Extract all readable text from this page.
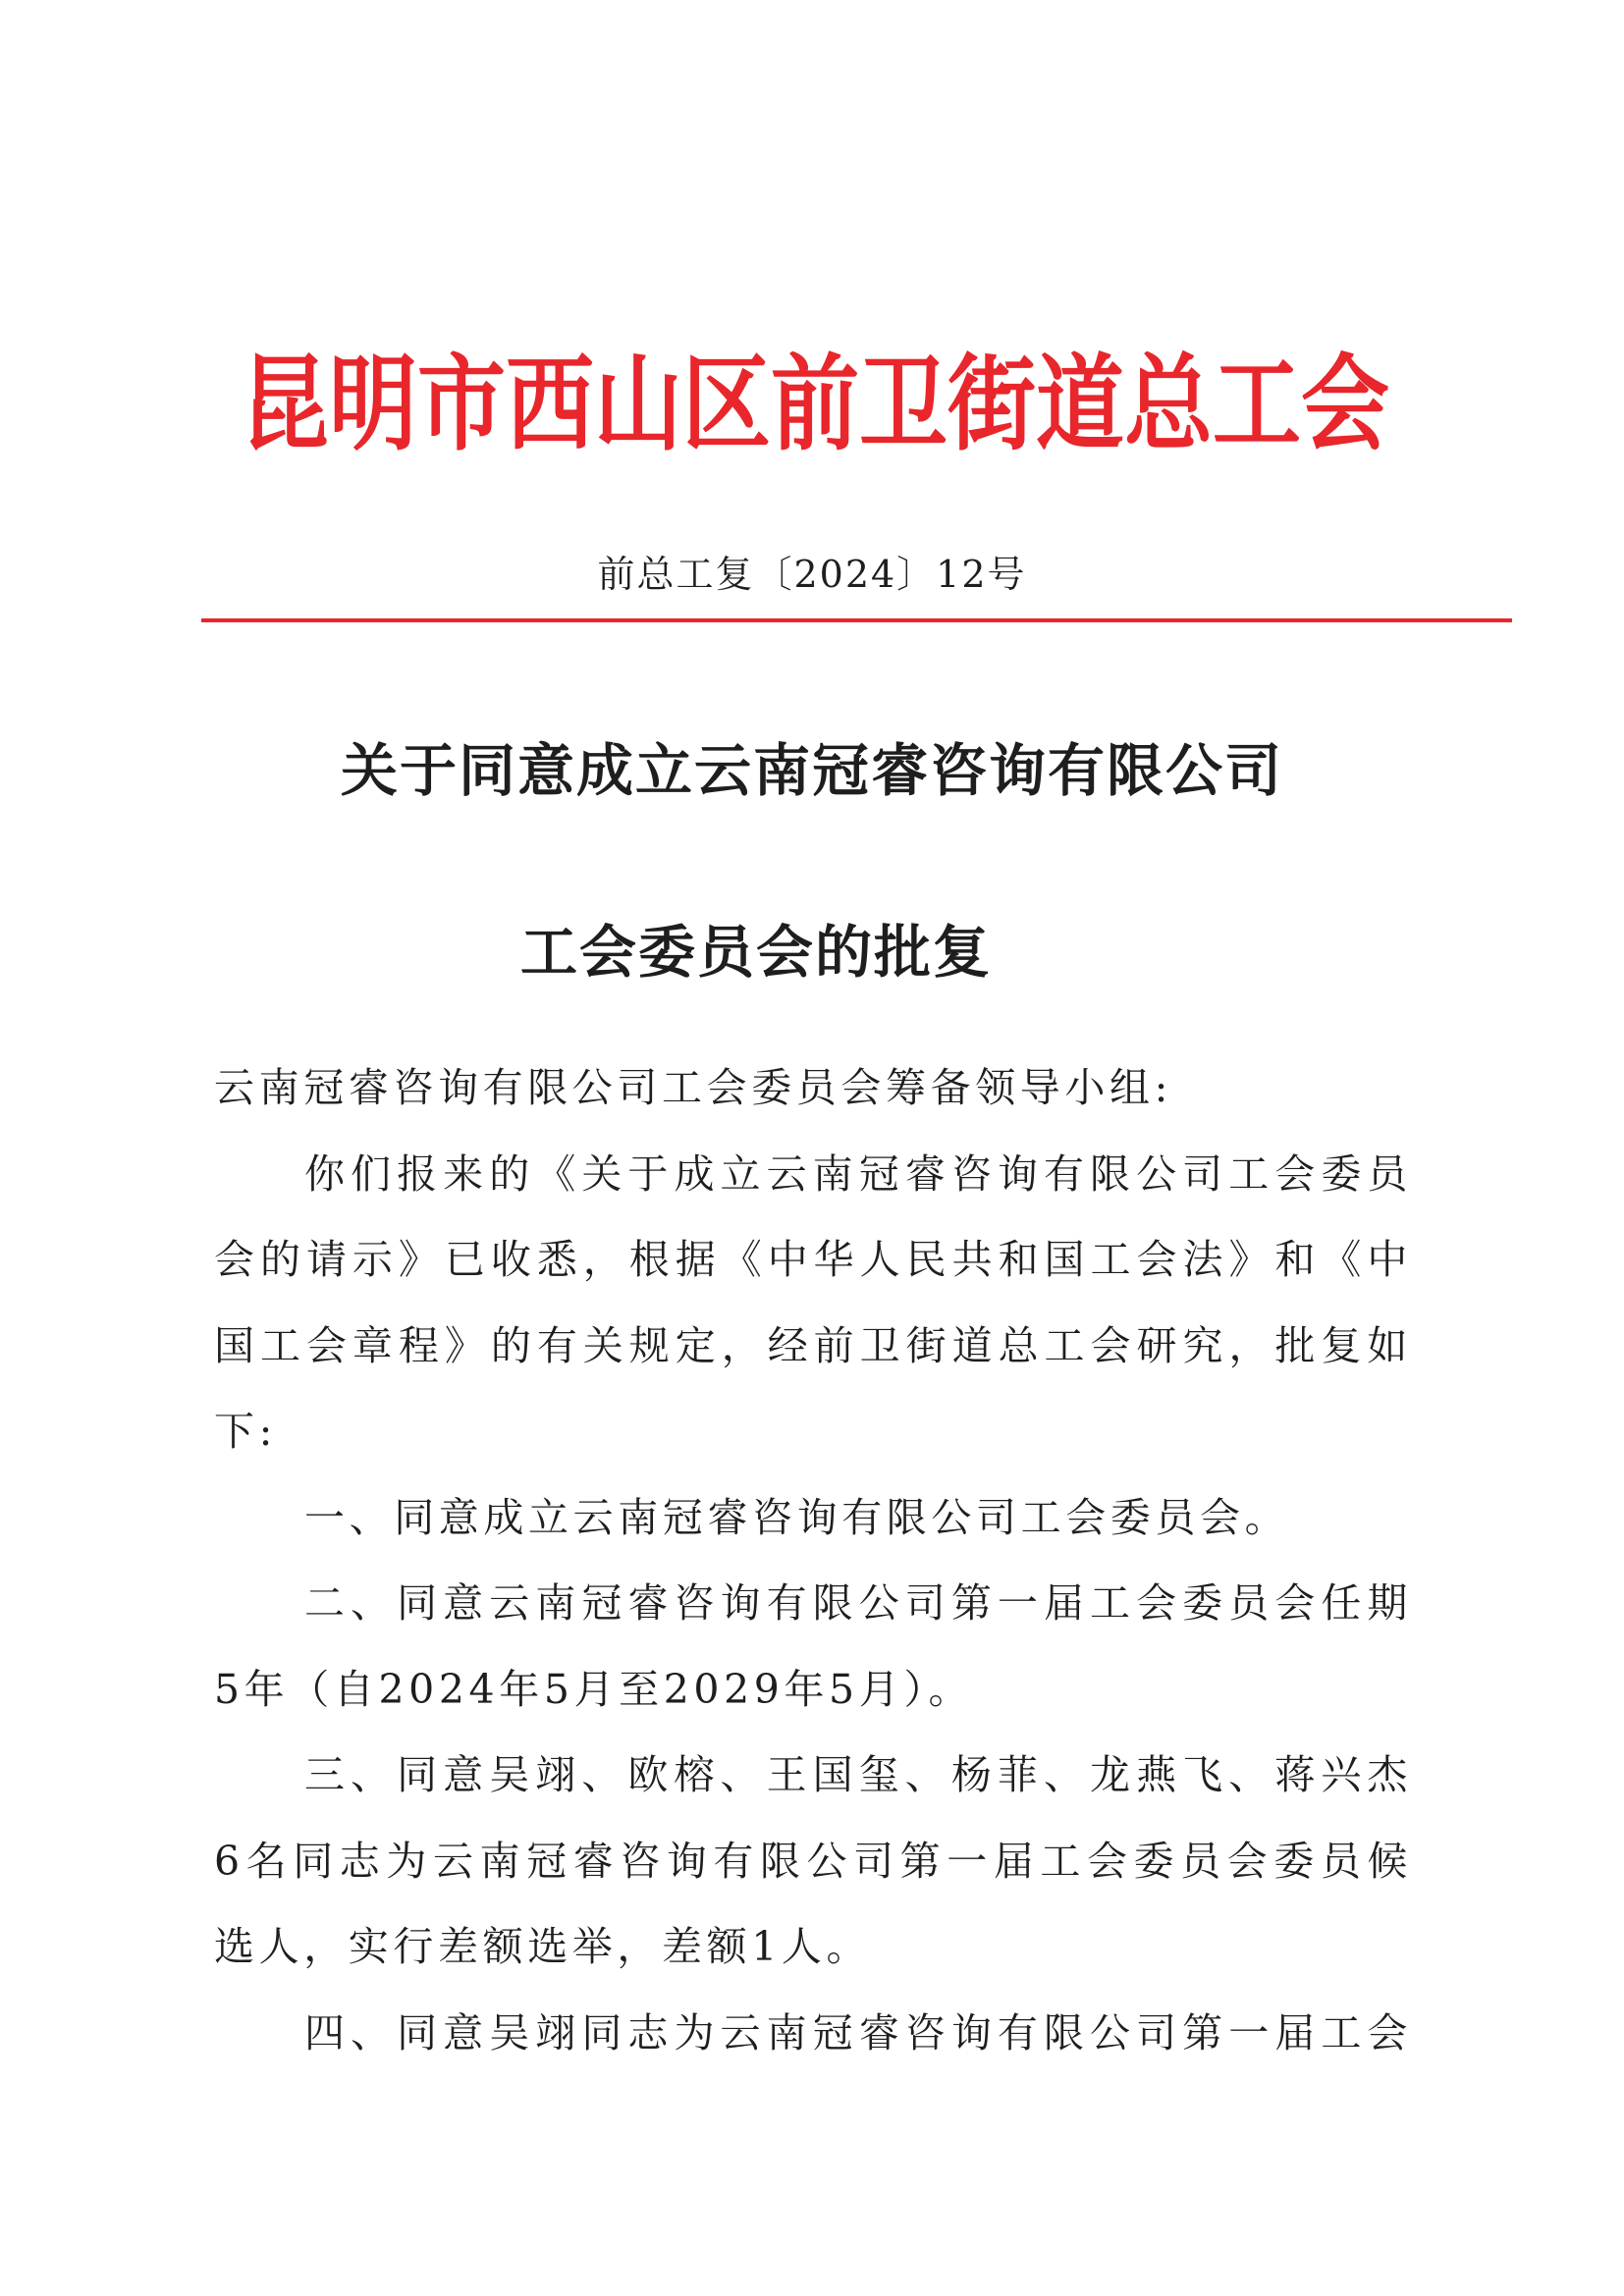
昆明市西山区前卫街道总工会
前总工复〔2024〕12号
关于同意成立云南冠睿咨询有限公司
工会委员会的批复

云南冠睿咨询有限公司工会委员会筹备领导小组:

你们报来的《关于成立云南冠睿咨询有限公司工会委员
会的请示》已收悉，根据《中华人民共和国工会法》和《中
国工会章程》的有关规定，经前卫街道总工会研究，批复如
下:

一、同意成立云南冠睿咨询有限公司工会委员会。

二、同意云南冠睿咨询有限公司第一届工会委员会任期
5年（自2024年5月至2029年5月）。

三、同意吴翊、欧榕、王国玺、杨菲、龙燕飞、蒋兴杰
6名同志为云南冠睿咨询有限公司第一届工会委员会委员候
选人，实行差额选举，差额1人。

四、同意吴翊同志为云南冠睿咨询有限公司第一届工会
